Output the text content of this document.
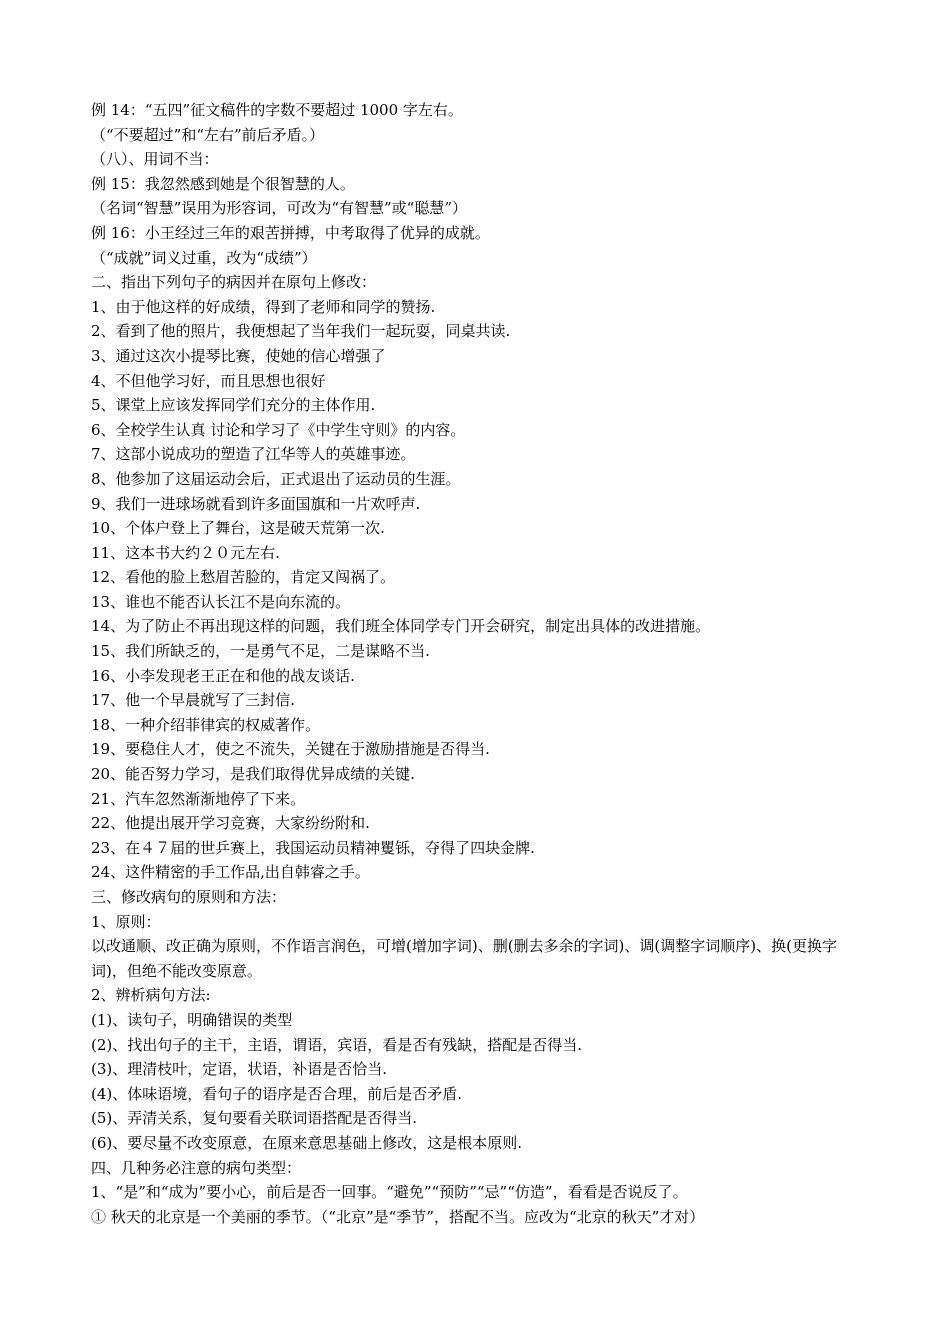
例 14：“五四”征文稿件的字数不要超过 1000 字左右。
（“不要超过”和“左右”前后矛盾。）
（八）、用词不当：
例 15：我忽然感到她是个很智慧的人。
（名词“智慧”误用为形容词，可改为“有智慧”或“聪慧”）
例 16：小王经过三年的艰苦拼搏，中考取得了优异的成就。
（“成就”词义过重，改为“成绩”）
二、指出下列句子的病因并在原句上修改：
1、由于他这样的好成绩，得到了老师和同学的赞扬.
2、看到了他的照片，我便想起了当年我们一起玩耍，同桌共读.
3、通过这次小提琴比赛，使她的信心增强了
4、不但他学习好，而且思想也很好
5、课堂上应该发挥同学们充分的主体作用.
6、全校学生认真 讨论和学习了《中学生守则》的内容。
7、这部小说成功的塑造了江华等人的英雄事迹。
8、他参加了这届运动会后，正式退出了运动员的生涯。
9、我们一进球场就看到许多面国旗和一片欢呼声.
10、个体户登上了舞台，这是破天荒第一次.
11、这本书大约２０元左右.
12、看他的脸上愁眉苦脸的，肯定又闯祸了。
13、谁也不能否认长江不是向东流的。
14、为了防止不再出现这样的问题，我们班全体同学专门开会研究，制定出具体的改进措施。
15、我们所缺乏的，一是勇气不足，二是谋略不当.
16、小李发现老王正在和他的战友谈话.
17、他一个早晨就写了三封信.
18、一种介绍菲律宾的权威著作。
19、要稳住人才，使之不流失，关键在于激励措施是否得当.
20、能否努力学习，是我们取得优异成绩的关键.
21、汽车忽然渐渐地停了下来。
22、他提出展开学习竞赛，大家纷纷附和.
23、在４７届的世乒赛上，我国运动员精神矍铄，夺得了四块金牌.
24、这件精密的手工作品,出自韩睿之手。
三、修改病句的原则和方法：
1、原则：
以改通顺、改正确为原则，不作语言润色，可增(增加字词)、删(删去多余的字词)、调(调整字词顺序)、换(更换字词)，但绝不能改变原意。
2、辨析病句方法:
(1)、读句子，明确错误的类型
(2)、找出句子的主干，主语，谓语，宾语，看是否有残缺，搭配是否得当.
(3)、理清枝叶，定语，状语，补语是否恰当.
(4)、体味语境，看句子的语序是否合理，前后是否矛盾.
(5)、弄清关系，复句要看关联词语搭配是否得当.
(6)、要尽量不改变原意，在原来意思基础上修改，这是根本原则.
四、几种务必注意的病句类型：
1、“是”和“成为”要小心，前后是否一回事。“避免”“预防”“忌”“仿造”，看看是否说反了。
① 秋天的北京是一个美丽的季节。（“北京”是“季节”，搭配不当。应改为“北京的秋天”才对）
